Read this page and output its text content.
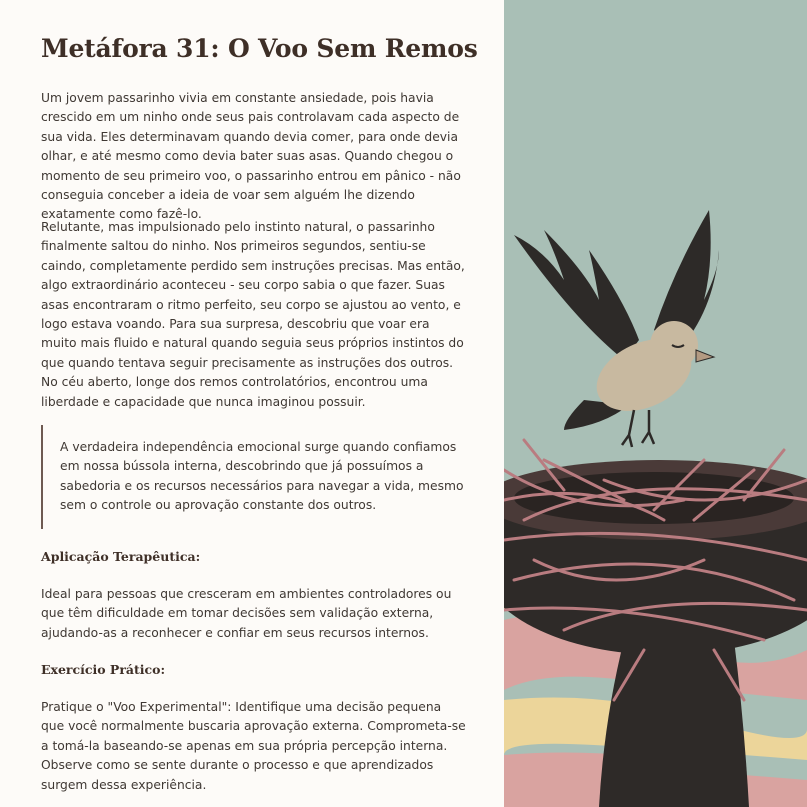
Metáfora 31: O Voo Sem Remos

Um jovem passarinho vivia em constante ansiedade, pois havia crescido em um ninho onde seus pais controlavam cada aspecto de sua vida. Eles determinavam quando devia comer, para onde devia olhar, e até mesmo como devia bater suas asas. Quando chegou o momento de seu primeiro voo, o passarinho entrou em pânico - não conseguia conceber a ideia de voar sem alguém lhe dizendo exatamente como fazê-lo.

Relutante, mas impulsionado pelo instinto natural, o passarinho finalmente saltou do ninho. Nos primeiros segundos, sentiu-se caindo, completamente perdido sem instruções precisas. Mas então, algo extraordinário aconteceu - seu corpo sabia o que fazer. Suas asas encontraram o ritmo perfeito, seu corpo se ajustou ao vento, e logo estava voando. Para sua surpresa, descobriu que voar era muito mais fluido e natural quando seguia seus próprios instintos do que quando tentava seguir precisamente as instruções dos outros. No céu aberto, longe dos remos controlatórios, encontrou uma liberdade e capacidade que nunca imaginou possuir.

A verdadeira independência emocional surge quando confiamos em nossa bússola interna, descobrindo que já possuímos a sabedoria e os recursos necessários para navegar a vida, mesmo sem o controle ou aprovação constante dos outros.

Aplicação Terapêutica:

Ideal para pessoas que cresceram em ambientes controladores ou que têm dificuldade em tomar decisões sem validação externa, ajudando-as a reconhecer e confiar em seus recursos internos.

Exercício Prático:

Pratique o "Voo Experimental": Identifique uma decisão pequena que você normalmente buscaria aprovação externa. Comprometa-se a tomá-la baseando-se apenas em sua própria percepção interna. Observe como se sente durante o processo e que aprendizados surgem dessa experiência.
